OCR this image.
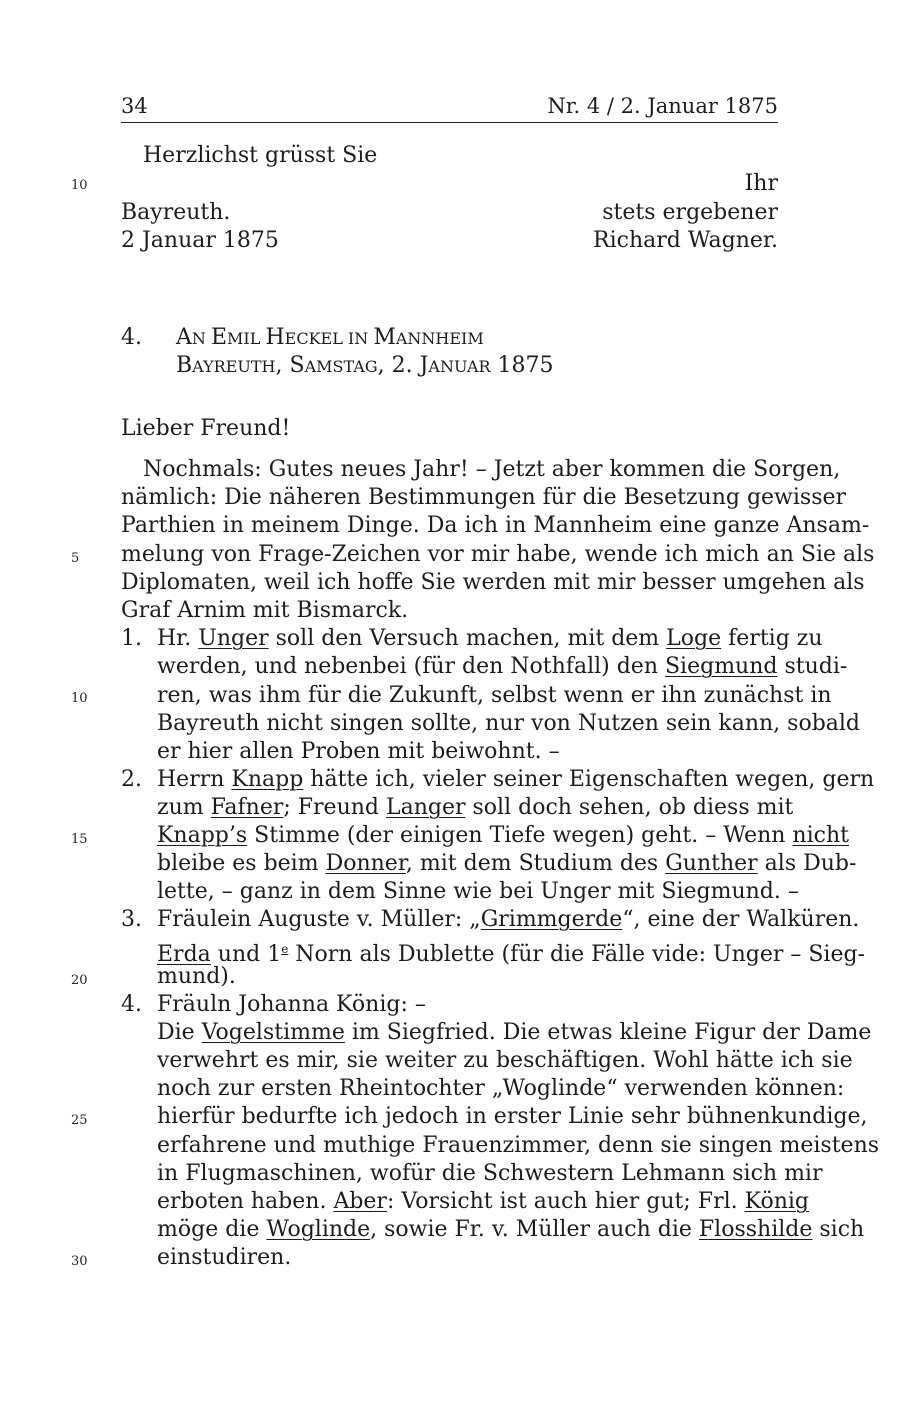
34	Nr. 4 / 2. Januar 1875
Herzlichst grüsst Sie
10	Ihr
Bayreuth.	stets ergebener
2 Januar 1875	Richard Wagner.
4. AN EMIL HECKEL IN MANNHEIM
BAYREUTH, SAMSTAG, 2. JANUAR 1875
Lieber Freund!
Nochmals: Gutes neues Jahr! – Jetzt aber kommen die Sorgen,
nämlich: Die näheren Bestimmungen für die Besetzung gewisser
Parthien in meinem Dinge. Da ich in Mannheim eine ganze Ansam-
5 melung von Frage-Zeichen vor mir habe, wende ich mich an Sie als
Diplomaten, weil ich hoffe Sie werden mit mir besser umgehen als
Graf Arnim mit Bismarck.
1. Hr. Unger soll den Versuch machen, mit dem Loge fertig zu
werden, und nebenbei (für den Nothfall) den Siegmund studi-
10	ren, was ihm für die Zukunft, selbst wenn er ihn zunächst in
Bayreuth nicht singen sollte, nur von Nutzen sein kann, sobald
er hier allen Proben mit beiwohnt. –
2. Herrn Knapp hätte ich, vieler seiner Eigenschaften wegen, gern
zum Fafner; Freund Langer soll doch sehen, ob diess mit
15	Knapp’s Stimme (der einigen Tiefe wegen) geht. – Wenn nicht
bleibe es beim Donner, mit dem Studium des Gunther als Dub-
lette, – ganz in dem Sinne wie bei Unger mit Siegmund. –
3. Fräulein Auguste v. Müller: „Grimmgerde“, eine der Walküren.
Erda und 1e Norn als Dublette (für die Fälle vide: Unger – Sieg-
20	mund).
4. Fräuln Johanna König: –
Die Vogelstimme im Siegfried. Die etwas kleine Figur der Dame
verwehrt es mir, sie weiter zu beschäftigen. Wohl hätte ich sie
noch zur ersten Rheintochter „Woglinde“ verwenden können:
25	hierfür bedurfte ich jedoch in erster Linie sehr bühnenkundige,
erfahrene und muthige Frauenzimmer, denn sie singen meistens
in Flugmaschinen, wofür die Schwestern Lehmann sich mir
erboten haben. Aber: Vorsicht ist auch hier gut; Frl. König
möge die Woglinde, sowie Fr. v. Müller auch die Flosshilde sich
30	einstudiren.
